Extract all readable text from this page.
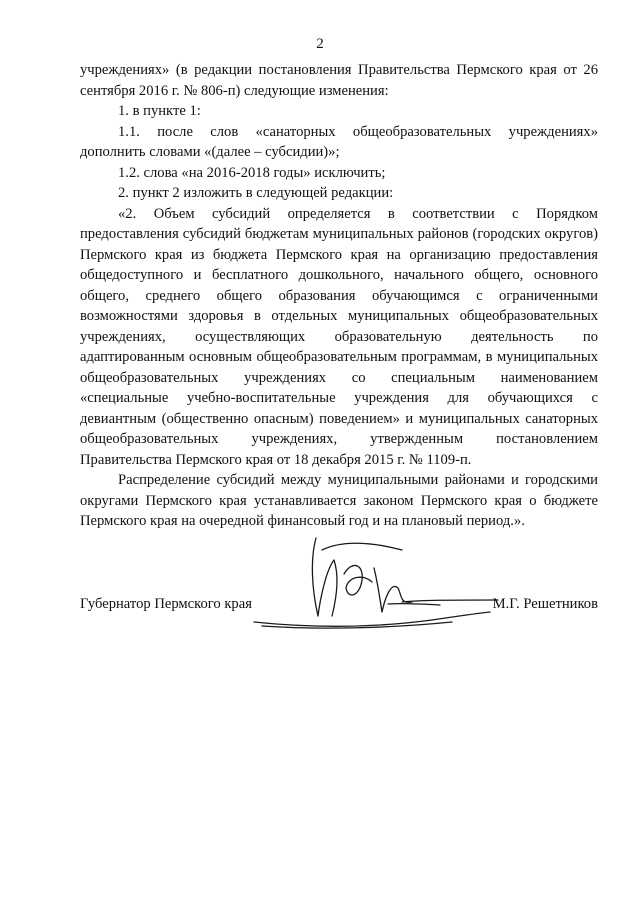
2

учреждениях» (в редакции постановления Правительства Пермского края от 26 сентября 2016 г. № 806-п) следующие изменения:

1. в пункте 1:

1.1. после слов «санаторных общеобразовательных учреждениях» дополнить словами «(далее – субсидии)»;

1.2. слова «на 2016-2018 годы» исключить;

2. пункт 2 изложить в следующей редакции:

«2. Объем субсидий определяется в соответствии с Порядком предоставления субсидий бюджетам муниципальных районов (городских округов) Пермского края из бюджета Пермского края на организацию предоставления общедоступного и бесплатного дошкольного, начального общего, основного общего, среднего общего образования обучающимся с ограниченными возможностями здоровья в отдельных муниципальных общеобразовательных учреждениях, осуществляющих образовательную деятельность по адаптированным основным общеобразовательным программам, в муниципальных общеобразовательных учреждениях со специальным наименованием «специальные учебно-воспитательные учреждения для обучающихся с девиантным (общественно опасным) поведением» и муниципальных санаторных общеобразовательных учреждениях, утвержденным постановлением Правительства Пермского края от 18 декабря 2015 г. № 1109-п.

Распределение субсидий между муниципальными районами и городскими округами Пермского края устанавливается законом Пермского края о бюджете Пермского края на очередной финансовый год и на плановый период.».

Губернатор Пермского края	М.Г. Решетников
